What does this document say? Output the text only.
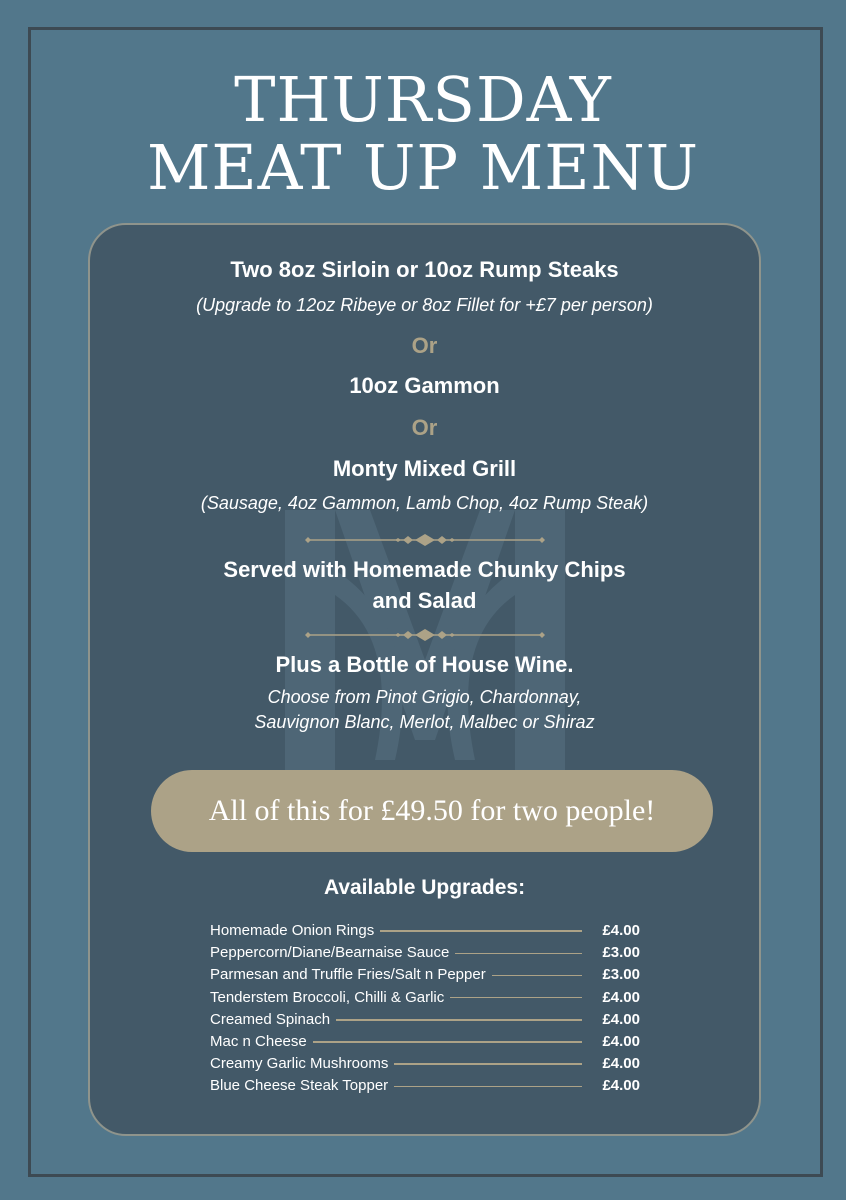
THURSDAY
MEAT UP MENU
Two 8oz Sirloin or 10oz Rump Steaks
(Upgrade to 12oz Ribeye or 8oz Fillet for +£7 per person)
Or
10oz Gammon
Or
Monty Mixed Grill
(Sausage, 4oz Gammon, Lamb Chop, 4oz Rump Steak)
Served with Homemade Chunky Chips
and Salad
Plus a Bottle of House Wine.
Choose from Pinot Grigio, Chardonnay,
Sauvignon Blanc, Merlot, Malbec or Shiraz
All of this for £49.50 for two people!
Available Upgrades:
Homemade Onion Rings	£4.00
Peppercorn/Diane/Bearnaise Sauce	£3.00
Parmesan and Truffle Fries/Salt n Pepper	£3.00
Tenderstem Broccoli, Chilli & Garlic	£4.00
Creamed Spinach	£4.00
Mac n Cheese	£4.00
Creamy Garlic Mushrooms	£4.00
Blue Cheese Steak Topper	£4.00
